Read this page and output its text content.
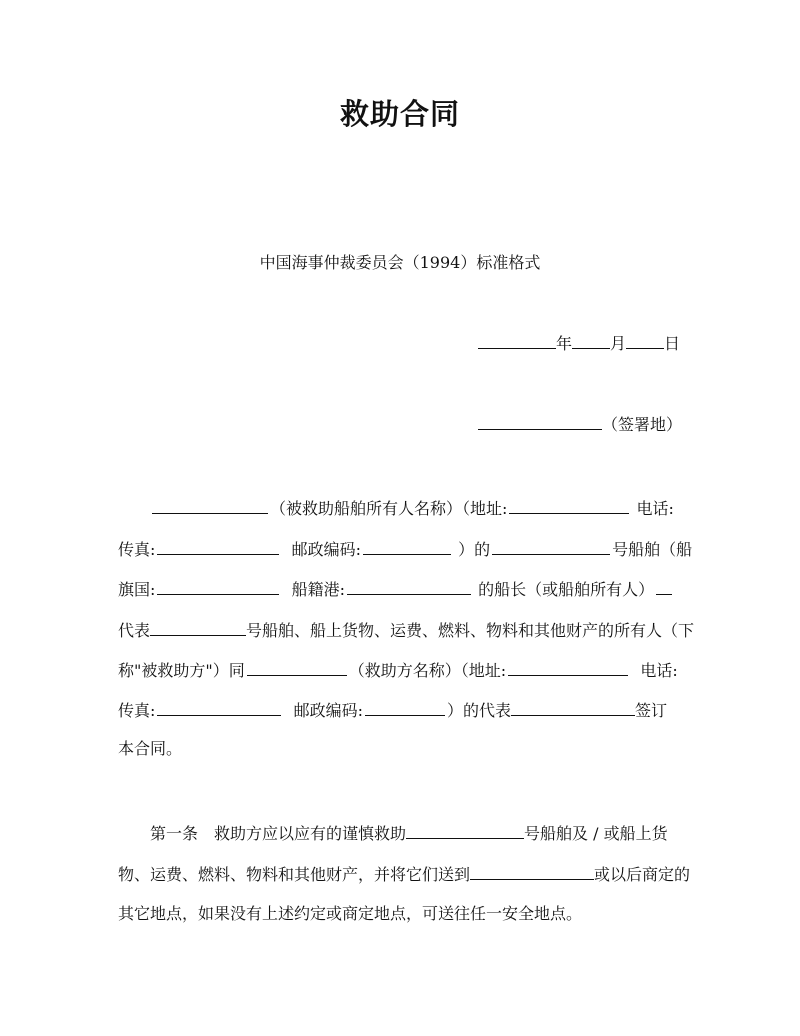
救助合同
中国海事仲裁委员会（1994）标准格式
年 月 日
（签署地）
（被救助船舶所有人名称）（地址:	电话:
传真:	邮政编码:	）的	号船舶（船
旗国:	船籍港:	的船长（或船舶所有人）
代表	号船舶、船上货物、运费、燃料、物料和其他财产的所有人（下
称"被救助方"）同	（救助方名称）（地址:	电话:
传真:	邮政编码:	）的代表	签订
本合同。
第一条　救助方应以应有的谨慎救助	号船舶及 / 或船上货
物、运费、燃料、物料和其他财产，并将它们送到	或以后商定的
其它地点，如果没有上述约定或商定地点，可送往任一安全地点。
